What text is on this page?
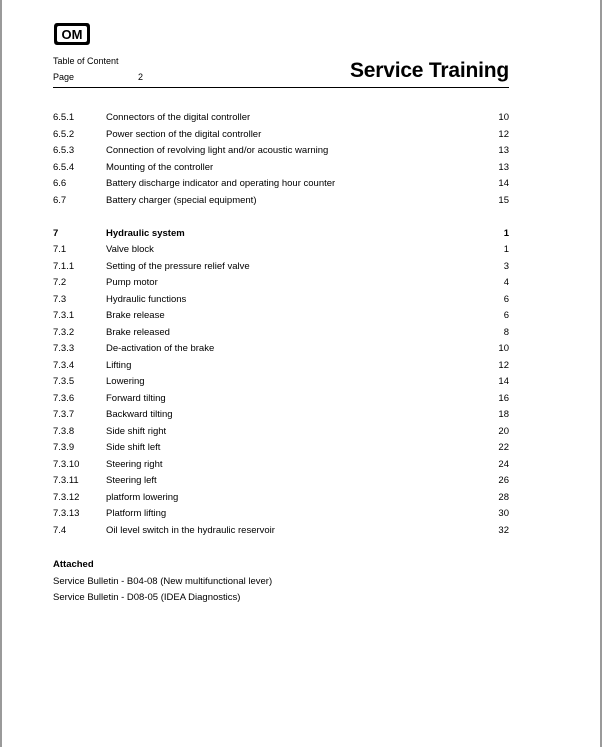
OM
Table of Content
Page	2	Service Training
6.5.1	Connectors of the digital controller	10
6.5.2	Power section of the digital controller	12
6.5.3	Connection of revolving light and/or acoustic warning	13
6.5.4	Mounting of the controller	13
6.6	Battery discharge indicator and operating hour counter	14
6.7	Battery charger (special equipment)	15
7	Hydraulic system	1
7.1	Valve block	1
7.1.1	Setting of the pressure relief valve	3
7.2	Pump motor	4
7.3	Hydraulic functions	6
7.3.1	Brake release	6
7.3.2	Brake released	8
7.3.3	De-activation of the brake	10
7.3.4	Lifting	12
7.3.5	Lowering	14
7.3.6	Forward tilting	16
7.3.7	Backward tilting	18
7.3.8	Side shift right	20
7.3.9	Side shift left	22
7.3.10	Steering right	24
7.3.11	Steering left	26
7.3.12	platform lowering	28
7.3.13	Platform lifting	30
7.4	Oil level switch in the hydraulic reservoir	32
Attached
Service Bulletin - B04-08 (New multifunctional lever)
Service Bulletin - D08-05 (IDEA Diagnostics)
